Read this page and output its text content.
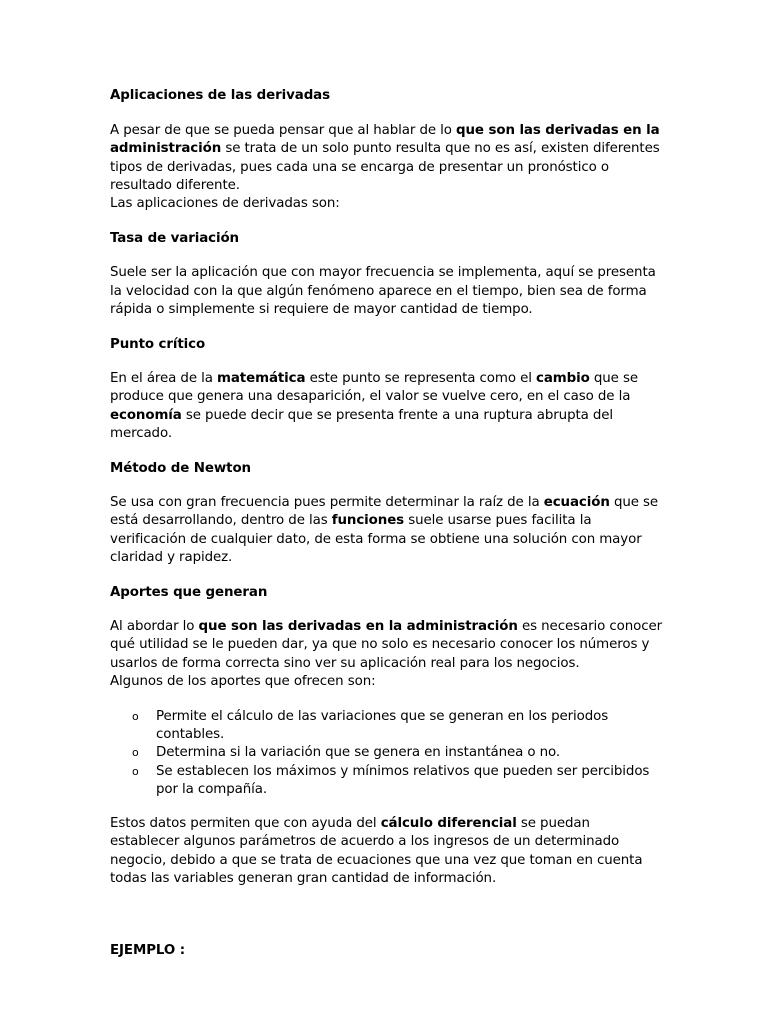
Aplicaciones de las derivadas

A pesar de que se pueda pensar que al hablar de lo que son las derivadas en la administración se trata de un solo punto resulta que no es así, existen diferentes tipos de derivadas, pues cada una se encarga de presentar un pronóstico o resultado diferente.

Las aplicaciones de derivadas son:

Tasa de variación

Suele ser la aplicación que con mayor frecuencia se implementa, aquí se presenta la velocidad con la que algún fenómeno aparece en el tiempo, bien sea de forma rápida o simplemente si requiere de mayor cantidad de tiempo.

Punto crítico

En el área de la matemática este punto se representa como el cambio que se produce que genera una desaparición, el valor se vuelve cero, en el caso de la economía se puede decir que se presenta frente a una ruptura abrupta del mercado.

Método de Newton

Se usa con gran frecuencia pues permite determinar la raíz de la ecuación que se está desarrollando, dentro de las funciones suele usarse pues facilita la verificación de cualquier dato, de esta forma se obtiene una solución con mayor claridad y rapidez.

Aportes que generan

Al abordar lo que son las derivadas en la administración es necesario conocer qué utilidad se le pueden dar, ya que no solo es necesario conocer los números y usarlos de forma correcta sino ver su aplicación real para los negocios.

Algunos de los aportes que ofrecen son:

o Permite el cálculo de las variaciones que se generan en los periodos contables.
o Determina si la variación que se genera en instantánea o no.
o Se establecen los máximos y mínimos relativos que pueden ser percibidos por la compañía.

Estos datos permiten que con ayuda del cálculo diferencial se puedan establecer algunos parámetros de acuerdo a los ingresos de un determinado negocio, debido a que se trata de ecuaciones que una vez que toman en cuenta todas las variables generan gran cantidad de información.

EJEMPLO :
